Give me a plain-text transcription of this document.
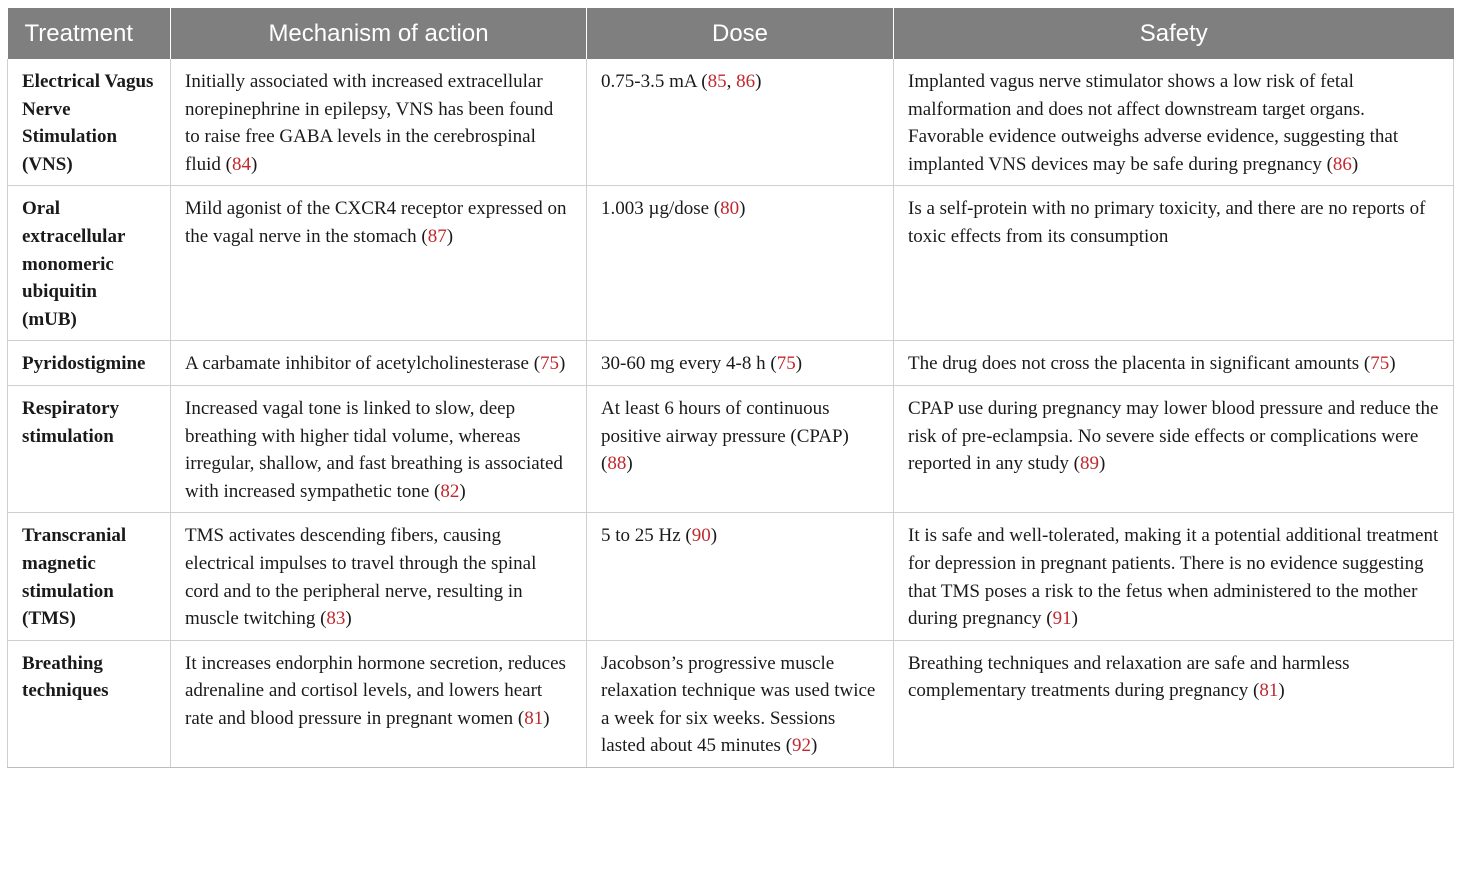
Treatment	Mechanism of action	Dose	Safety
Electrical Vagus Nerve Stimulation (VNS)	Initially associated with increased extracellular norepinephrine in epilepsy, VNS has been found to raise free GABA levels in the cerebrospinal fluid (84)	0.75-3.5 mA (85, 86)	Implanted vagus nerve stimulator shows a low risk of fetal malformation and does not affect downstream target organs. Favorable evidence outweighs adverse evidence, suggesting that implanted VNS devices may be safe during pregnancy (86)
Oral extracellular monomeric ubiquitin (mUB)	Mild agonist of the CXCR4 receptor expressed on the vagal nerve in the stomach (87)	1.003 µg/dose (80)	Is a self-protein with no primary toxicity, and there are no reports of toxic effects from its consumption
Pyridostigmine	A carbamate inhibitor of acetylcholinesterase (75)	30-60 mg every 4-8 h (75)	The drug does not cross the placenta in significant amounts (75)
Respiratory stimulation	Increased vagal tone is linked to slow, deep breathing with higher tidal volume, whereas irregular, shallow, and fast breathing is associated with increased sympathetic tone (82)	At least 6 hours of continuous positive airway pressure (CPAP) (88)	CPAP use during pregnancy may lower blood pressure and reduce the risk of pre-eclampsia. No severe side effects or complications were reported in any study (89)
Transcranial magnetic stimulation (TMS)	TMS activates descending fibers, causing electrical impulses to travel through the spinal cord and to the peripheral nerve, resulting in muscle twitching (83)	5 to 25 Hz (90)	It is safe and well-tolerated, making it a potential additional treatment for depression in pregnant patients. There is no evidence suggesting that TMS poses a risk to the fetus when administered to the mother during pregnancy (91)
Breathing techniques	It increases endorphin hormone secretion, reduces adrenaline and cortisol levels, and lowers heart rate and blood pressure in pregnant women (81)	Jacobson’s progressive muscle relaxation technique was used twice a week for six weeks. Sessions lasted about 45 minutes (92)	Breathing techniques and relaxation are safe and harmless complementary treatments during pregnancy (81)
